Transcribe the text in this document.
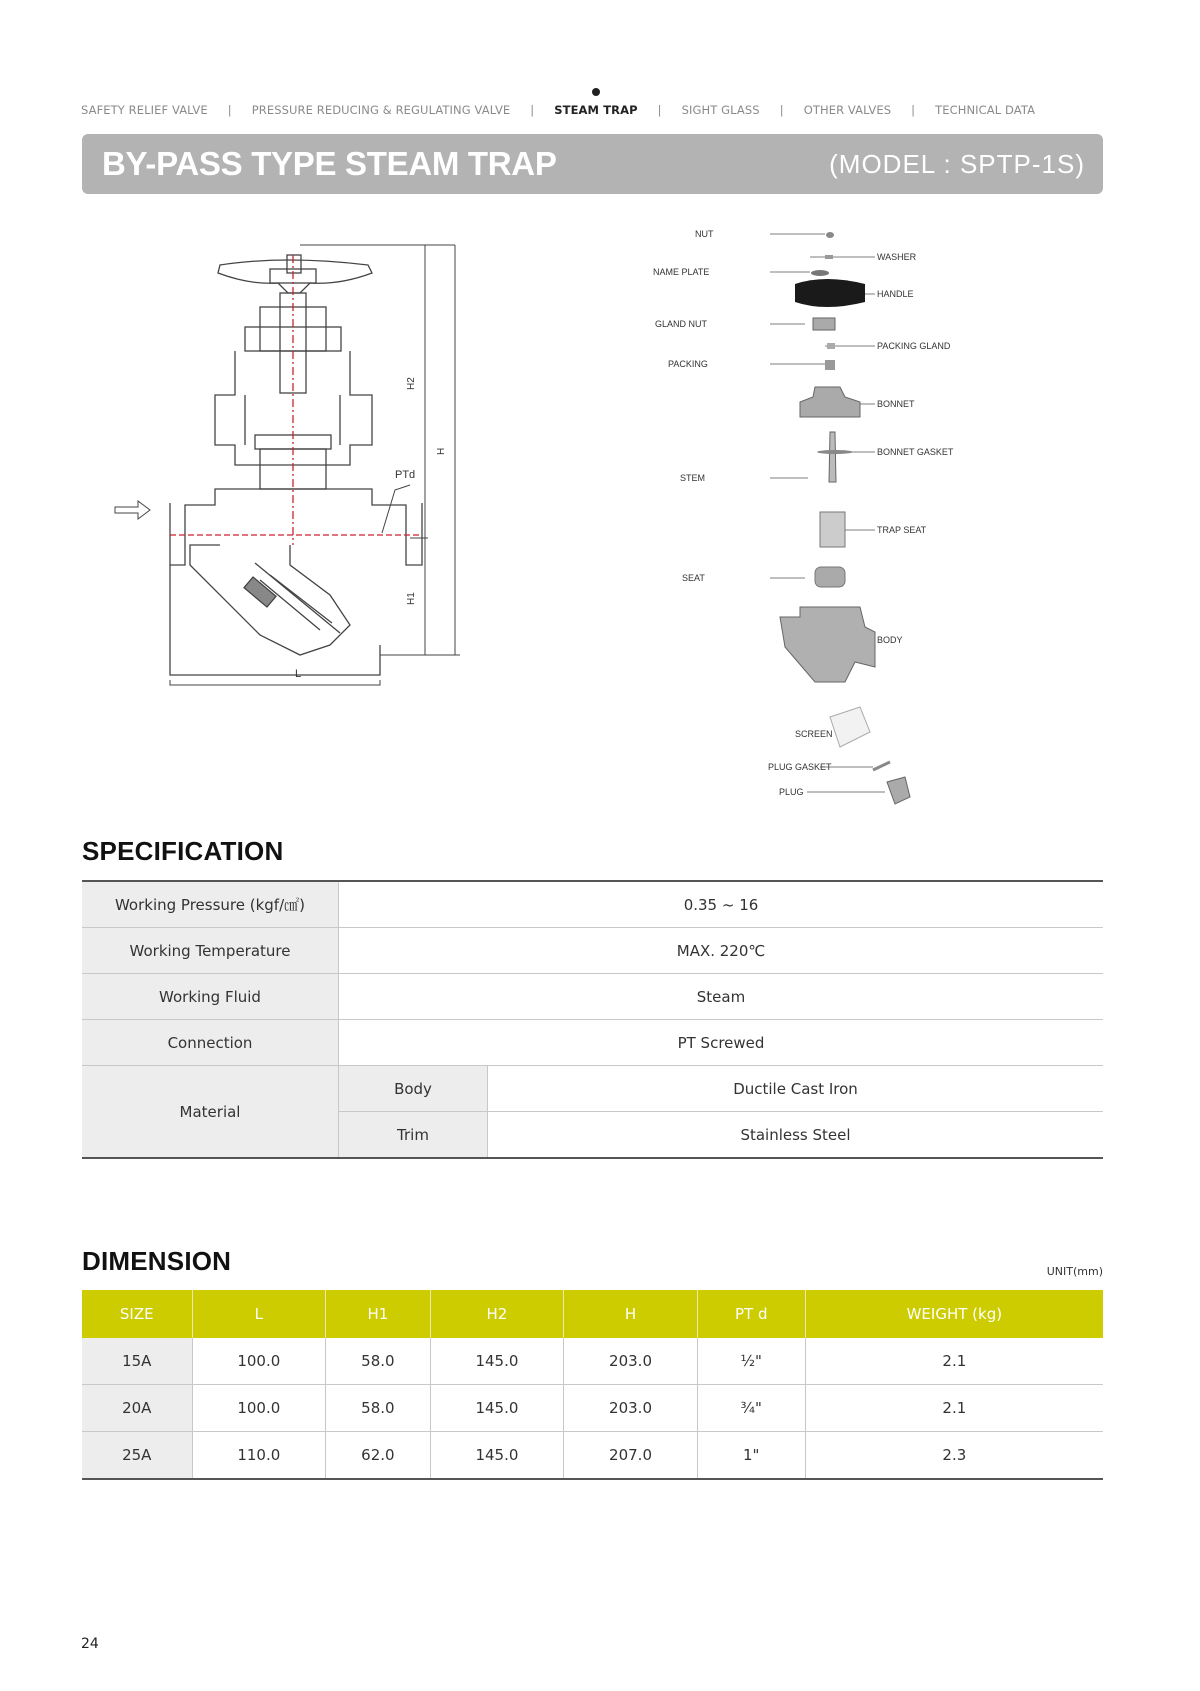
SAFETY RELIEF VALVE | PRESSURE REDUCING & REGULATING VALVE | STEAM TRAP | SIGHT GLASS | OTHER VALVES | TECHNICAL DATA
BY-PASS TYPE STEAM TRAP	(MODEL : SPTP-1S)
H2
H
H1
PTd
L
NUT
WASHER
NAME PLATE
HANDLE
GLAND NUT
PACKING GLAND
PACKING
BONNET
BONNET GASKET
STEM
TRAP SEAT
SEAT
BODY
SCREEN
PLUG GASKET
PLUG
SPECIFICATION
Working Pressure (kgf/㎠)	0.35 ~ 16	
Working Temperature	MAX. 220℃	
Working Fluid	Steam	
Connection	PT Screwed	
Material	Body	Ductile Cast Iron
	Trim	Stainless Steel
DIMENSION	UNIT(mm)
SIZE	L	H1	H2	H	PT d	WEIGHT (kg)
15A	100.0	58.0	145.0	203.0	½"	2.1
20A	100.0	58.0	145.0	203.0	¾"	2.1
25A	110.0	62.0	145.0	207.0	1"	2.3
24
